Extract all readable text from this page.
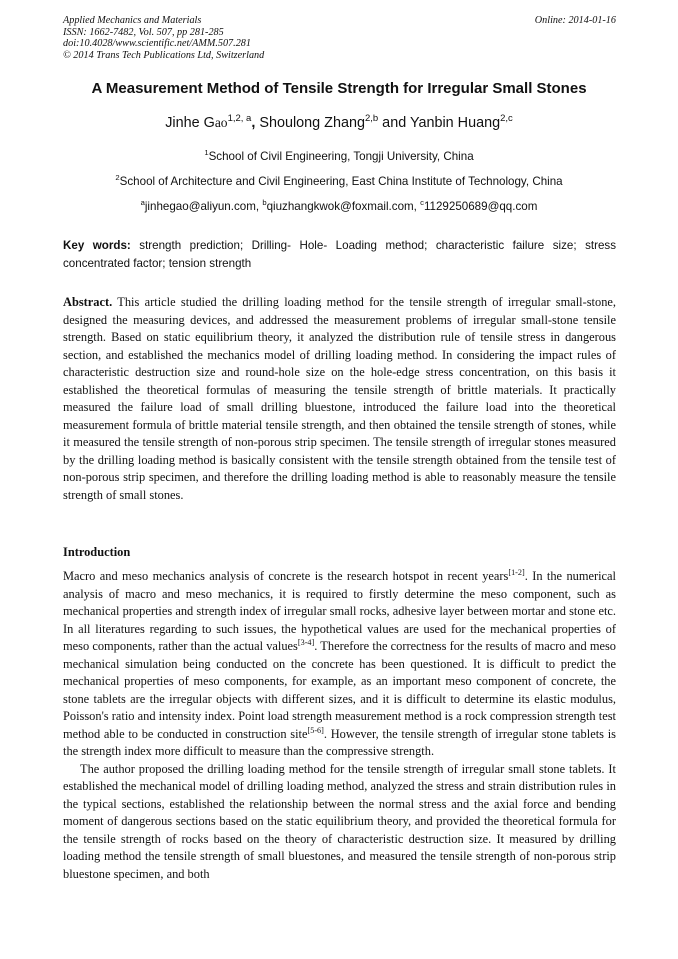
Applied Mechanics and Materials	Online: 2014-01-16
ISSN: 1662-7482, Vol. 507, pp 281-285
doi:10.4028/www.scientific.net/AMM.507.281
© 2014 Trans Tech Publications Ltd, Switzerland
A Measurement Method of Tensile Strength for Irregular Small Stones
Jinhe Gao$^{1,2, a}$, Shoulong Zhang$^{2,b}$ and Yanbin Huang$^{2,c}$
$^1$School of Civil Engineering, Tongji University, China
$^2$School of Architecture and Civil Engineering, East China Institute of Technology, China
$^a$jinhegao@aliyun.com, $^b$qiuzhangkwok@foxmail.com, $^c$1129250689@qq.com
Key words: strength prediction; Drilling- Hole- Loading method; characteristic failure size; stress concentrated factor; tension strength
Abstract. This article studied the drilling loading method for the tensile strength of irregular small-stone, designed the measuring devices, and addressed the measurement problems of irregular small-stone tensile strength. Based on static equilibrium theory, it analyzed the distribution rule of tensile stress in dangerous section, and established the mechanics model of drilling loading method. In considering the impact rules of characteristic destruction size and round-hole size on the hole-edge stress concentration, on this basis it established the theoretical formulas of measuring the tensile strength of brittle materials. It practically measured the failure load of small drilling bluestone, introduced the failure load into the theoretical measurement formula of brittle material tensile strength, and then obtained the tensile strength of stones, while it measured the tensile strength of non-porous strip specimen. The tensile strength of irregular stones measured by the drilling loading method is basically consistent with the tensile strength obtained from the tensile test of non-porous strip specimen, and therefore the drilling loading method is able to reasonably measure the tensile strength of small stones.
Introduction

Macro and meso mechanics analysis of concrete is the research hotspot in recent years[1-2]. In the numerical analysis of macro and meso mechanics, it is required to firstly determine the meso component, such as mechanical properties and strength index of irregular small rocks, adhesive layer between mortar and stone etc. In all literatures regarding to such issues, the hypothetical values are used for the mechanical properties of meso components, rather than the actual values[3-4]. Therefore the correctness for the results of macro and meso mechanical simulation being conducted on the concrete has been questioned. It is difficult to predict the mechanical properties of meso components, for example, as an important meso component of concrete, the stone tablets are the irregular objects with different sizes, and it is difficult to determine its elastic modulus, Poisson's ratio and intensity index. Point load strength measurement method is a rock compression strength test method able to be conducted in construction site[5-6]. However, the tensile strength of irregular stone tablets is the strength index more difficult to measure than the compressive strength.

The author proposed the drilling loading method for the tensile strength of irregular small stone tablets. It established the mechanical model of drilling loading method, analyzed the stress and strain distribution rules in the typical sections, established the relationship between the normal stress and the axial force and bending moment of dangerous sections based on the static equilibrium theory, and provided the theoretical formula for the tensile strength of rocks based on the theory of characteristic destruction size. It measured by drilling loading method the tensile strength of small bluestones, and measured the tensile strength of non-porous strip bluestone specimen, and both
